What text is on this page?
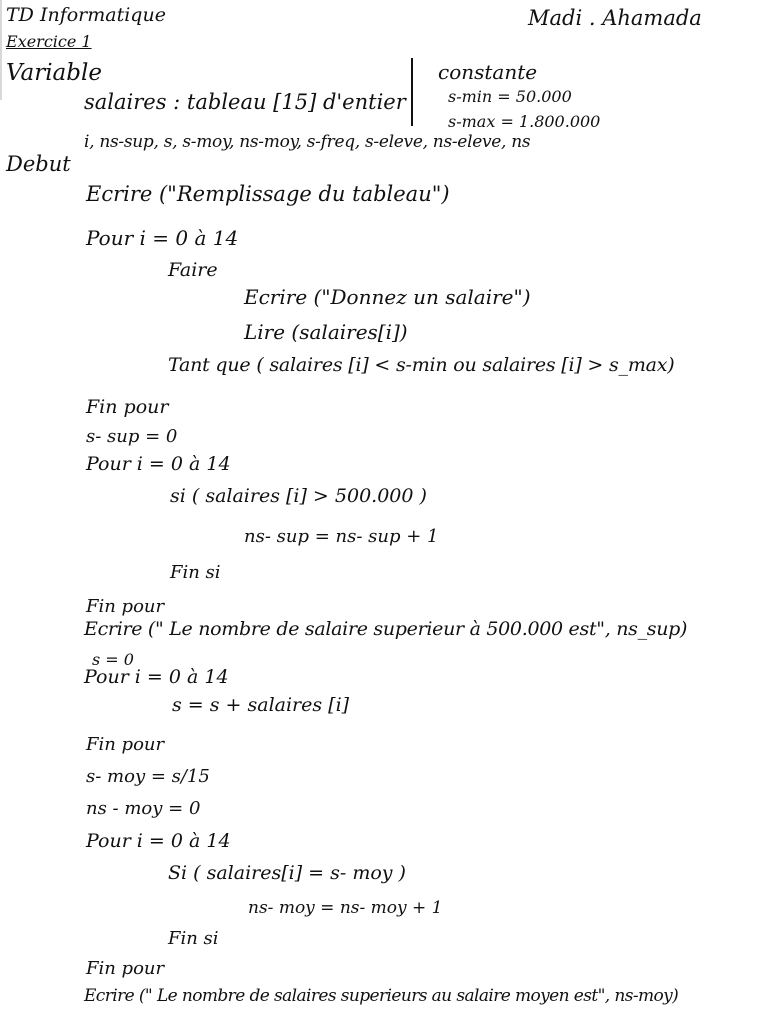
TD Informatique	Madi . Ahamada
Exercice 1
Variable
salaires : tableau [15] d'entier
i, ns-sup, s, s-moy, ns-moy, s-freq, s-eleve, ns-eleve, ns
constante
s-min = 50.000
s-max = 1.800.000
Debut
Ecrire ("Remplissage du tableau")
Pour i = 0 à 14
Faire
Ecrire ("Donnez un salaire")
Lire (salaires[i])
Tant que ( salaires [i] < s-min ou salaires [i] > s_max)
Fin pour
s- sup = 0
Pour i = 0 à 14
si ( salaires [i] > 500.000 )
ns- sup = ns- sup + 1
Fin si
Fin pour
Ecrire (" Le nombre de salaire superieur à 500.000 est", ns_sup)
s = 0
Pour i = 0 à 14
s = s + salaires [i]
Fin pour
s- moy = s/15
ns - moy = 0
Pour i = 0 à 14
Si ( salaires[i] = s- moy )
ns- moy = ns- moy + 1
Fin si
Fin pour
Ecrire (" Le nombre de salaires superieurs au salaire moyen est", ns-moy)
